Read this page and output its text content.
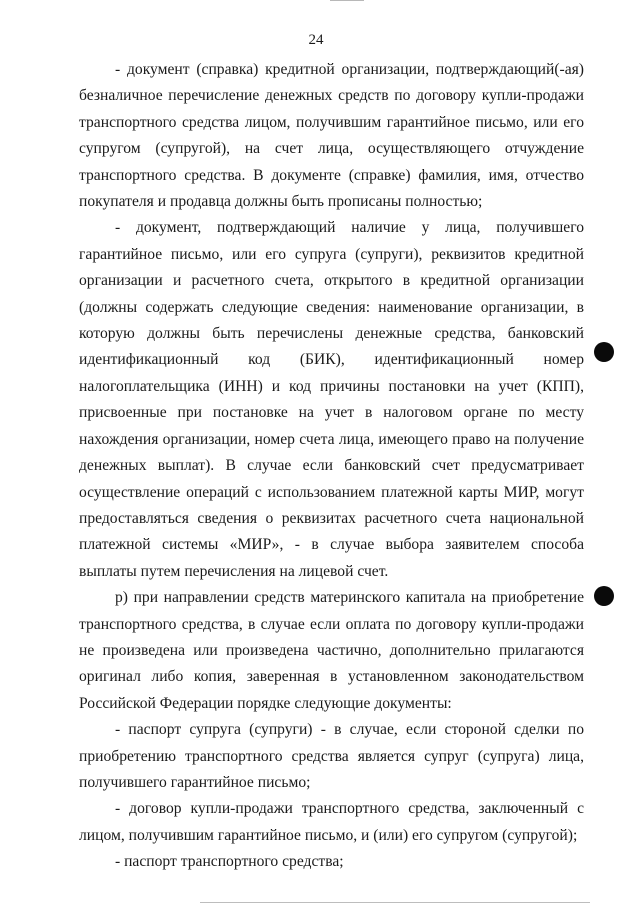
24

- документ (справка) кредитной организации, подтверждающий(-ая) безналичное перечисление денежных средств по договору купли-продажи транспортного средства лицом, получившим гарантийное письмо, или его супругом (супругой), на счет лица, осуществляющего отчуждение транспортного средства. В документе (справке) фамилия, имя, отчество покупателя и продавца должны быть прописаны полностью;

- документ, подтверждающий наличие у лица, получившего гарантийное письмо, или его супруга (супруги), реквизитов кредитной организации и расчетного счета, открытого в кредитной организации (должны содержать следующие сведения: наименование организации, в которую должны быть перечислены денежные средства, банковский идентификационный код (БИК), идентификационный номер налогоплательщика (ИНН) и код причины постановки на учет (КПП), присвоенные при постановке на учет в налоговом органе по месту нахождения организации, номер счета лица, имеющего право на получение денежных выплат). В случае если банковский счет предусматривает осуществление операций с использованием платежной карты МИР, могут предоставляться сведения о реквизитах расчетного счета национальной платежной системы «МИР», - в случае выбора заявителем способа выплаты путем перечисления на лицевой счет.

р) при направлении средств материнского капитала на приобретение транспортного средства, в случае если оплата по договору купли-продажи не произведена или произведена частично, дополнительно прилагаются оригинал либо копия, заверенная в установленном законодательством Российской Федерации порядке следующие документы:

- паспорт супруга (супруги) - в случае, если стороной сделки по приобретению транспортного средства является супруг (супруга) лица, получившего гарантийное письмо;

- договор купли-продажи транспортного средства, заключенный с лицом, получившим гарантийное письмо, и (или) его супругом (супругой);

- паспорт транспортного средства;
